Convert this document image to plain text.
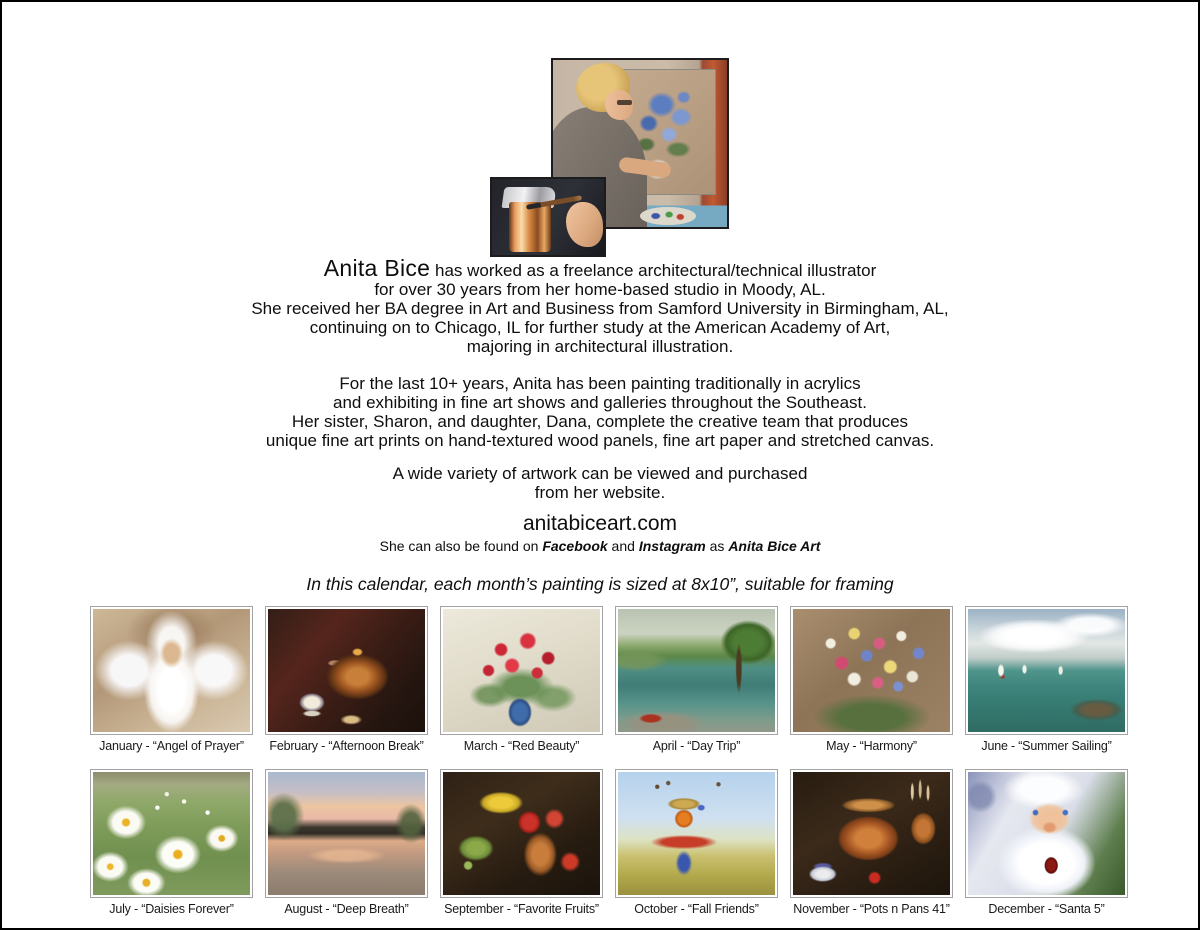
Anita Bice has worked as a freelance architectural/technical illustrator
for over 30 years from her home-based studio in Moody, AL.
She received her BA degree in Art and Business from Samford University in Birmingham, AL,
continuing on to Chicago, IL for further study at the American Academy of Art,
majoring in architectural illustration.
For the last 10+ years, Anita has been painting traditionally in acrylics
and exhibiting in fine art shows and galleries throughout the Southeast.
Her sister, Sharon, and daughter, Dana, complete the creative team that produces
unique fine art prints on hand-textured wood panels, fine art paper and stretched canvas.
A wide variety of artwork can be viewed and purchased
from her website.
anitabiceart.com
She can also be found on Facebook and Instagram as Anita Bice Art
In this calendar, each month’s painting is sized at 8x10”, suitable for framing
January - “Angel of Prayer”	February - “Afternoon Break”	March - “Red Beauty”	April - “Day Trip”	May - “Harmony”	June - “Summer Sailing”
July - “Daisies Forever”	August - “Deep Breath”	September - “Favorite Fruits”	October - “Fall Friends”	November - “Pots n Pans 41”	December - “Santa 5”
